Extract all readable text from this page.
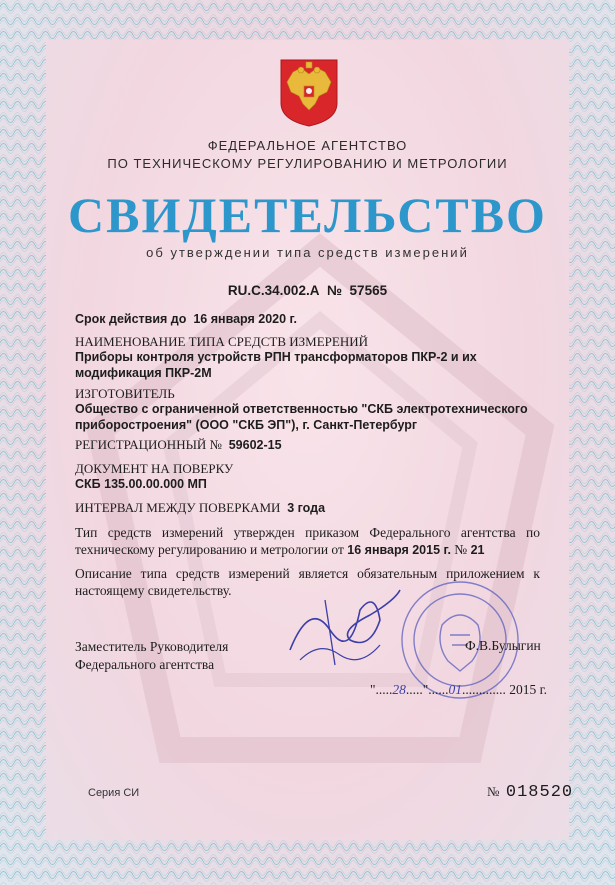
ФЕДЕРАЛЬНОЕ АГЕНТСТВО
ПО ТЕХНИЧЕСКОМУ РЕГУЛИРОВАНИЮ И МЕТРОЛОГИИ
СВИДЕТЕЛЬСТВО
об утверждении типа средств измерений
RU.C.34.002.A № 57565
Срок действия до 16 января 2020 г.
НАИМЕНОВАНИЕ ТИПА СРЕДСТВ ИЗМЕРЕНИЙ
Приборы контроля устройств РПН трансформаторов ПКР-2 и их
модификация ПКР-2М
ИЗГОТОВИТЕЛЬ
Общество с ограниченной ответственностью "СКБ электротехнического
приборостроения" (ООО "СКБ ЭП"), г. Санкт-Петербург
РЕГИСТРАЦИОННЫЙ № 59602-15
ДОКУМЕНТ НА ПОВЕРКУ
СКБ 135.00.00.000 МП
ИНТЕРВАЛ МЕЖДУ ПОВЕРКАМИ 3 года
Тип средств измерений утвержден приказом Федерального агентства по техническому регулированию и метрологии от 16 января 2015 г. № 21
Описание типа средств измерений является обязательным приложением к настоящему свидетельству.
Заместитель Руководителя
Федерального агентства
Ф.В.Булыгин
".....28....."......01............. 2015 г.
Серия СИ	№ 018520
